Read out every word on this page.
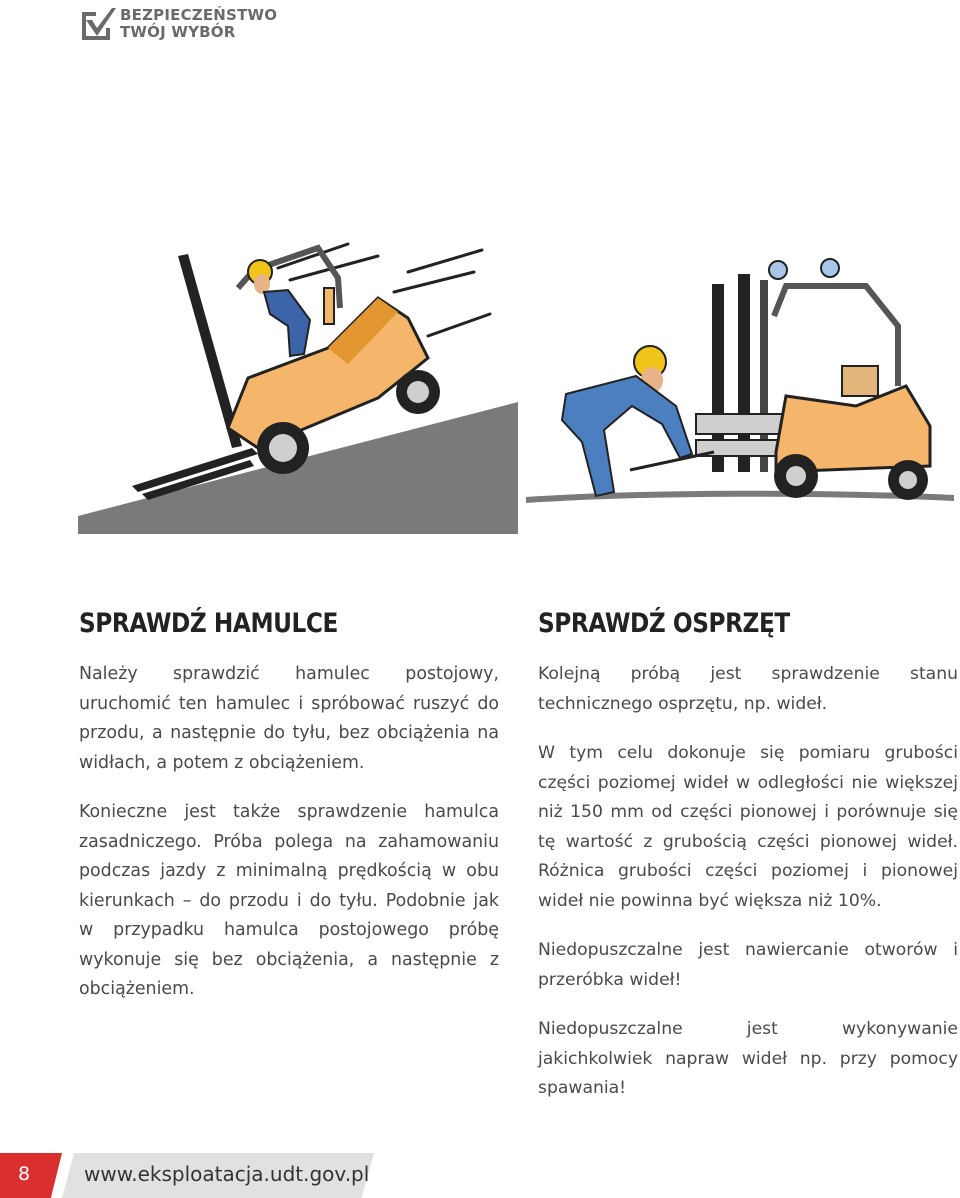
BEZPIECZEŃSTWO
TWÓJ WYBÓR
SPRAWDŹ HAMULCE

Należy sprawdzić hamulec postojowy, uruchomić ten hamulec i spróbować ruszyć do przodu, a następnie do tyłu, bez obciążenia na widłach, a potem z obciążeniem.

Konieczne jest także sprawdzenie hamulca zasadniczego. Próba polega na zahamowaniu podczas jazdy z minimalną prędkością w obu kierunkach – do przodu i do tyłu. Podobnie jak w przypadku hamulca postojowego próbę wykonuje się bez obciążenia, a następnie z obciążeniem.

SPRAWDŹ OSPRZĘT

Kolejną próbą jest sprawdzenie stanu technicznego osprzętu, np. wideł.

W tym celu dokonuje się pomiaru grubości części poziomej wideł w odległości nie większej niż 150 mm od części pionowej i porównuje się tę wartość z grubością części pionowej wideł. Różnica grubości części poziomej i pionowej wideł nie powinna być większa niż 10%.

Niedopuszczalne jest nawiercanie otworów i przeróbka wideł!

Niedopuszczalne jest wykonywanie jakichkolwiek napraw wideł np. przy pomocy spawania!

8	www.eksploatacja.udt.gov.pl
